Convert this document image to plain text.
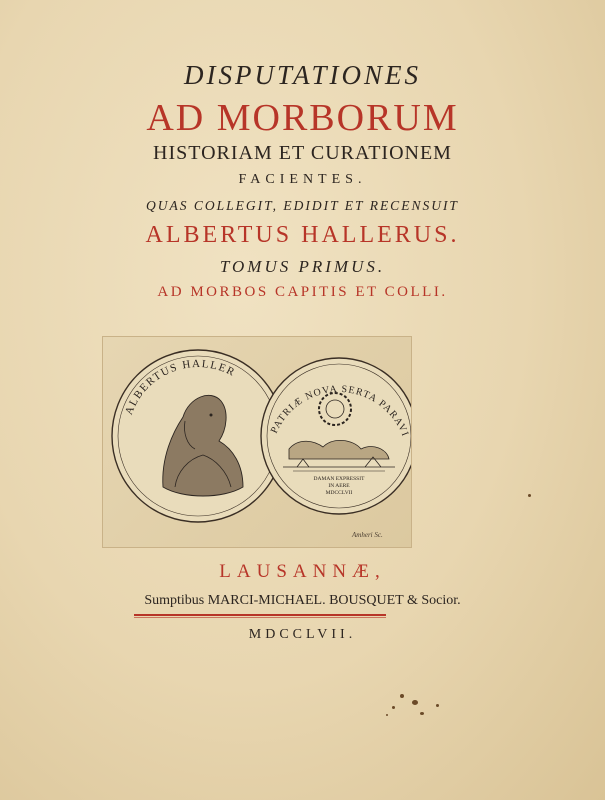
DISPUTATIONES
AD MORBORUM
HISTORIAM ET CURATIONEM
FACIENTES.
QUAS COLLEGIT, EDIDIT ET RECENSUIT
ALBERTUS HALLERUS.
TOMUS PRIMUS.
AD MORBOS CAPITIS ET COLLI.
ALBERTUS HALLER
PATRIÆ NOVA SERTA PARAVI
DAMAN EXPRESSIT
IN AERE
MDCCLVII
Amheri Sc.
LAUSANNÆ,
Sumptibus MARCI-MICHAEL. BOUSQUET & Socior.
MDCCLVII.
